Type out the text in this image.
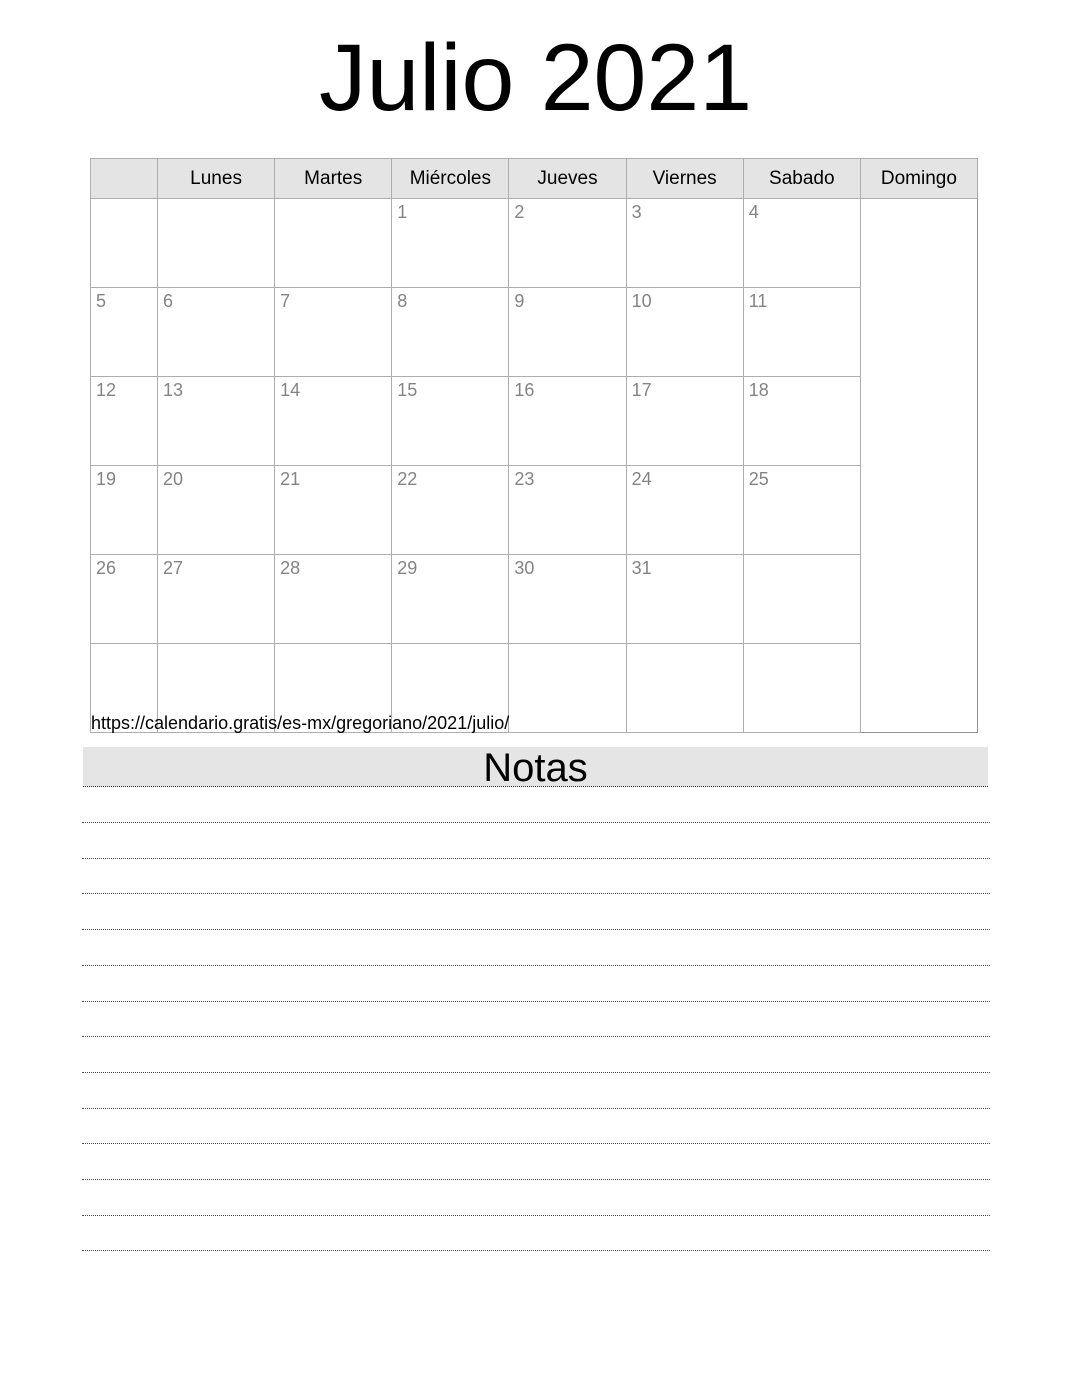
Julio 2021
	Lunes	Martes	Miércoles	Jueves	Viernes	Sabado	Domingo
			1	2	3	4	
5	6	7	8	9	10	11	
12	13	14	15	16	17	18	
19	20	21	22	23	24	25	
26	27	28	29	30	31		

https://calendario.gratis/es-mx/gregoriano/2021/julio/
Notas
